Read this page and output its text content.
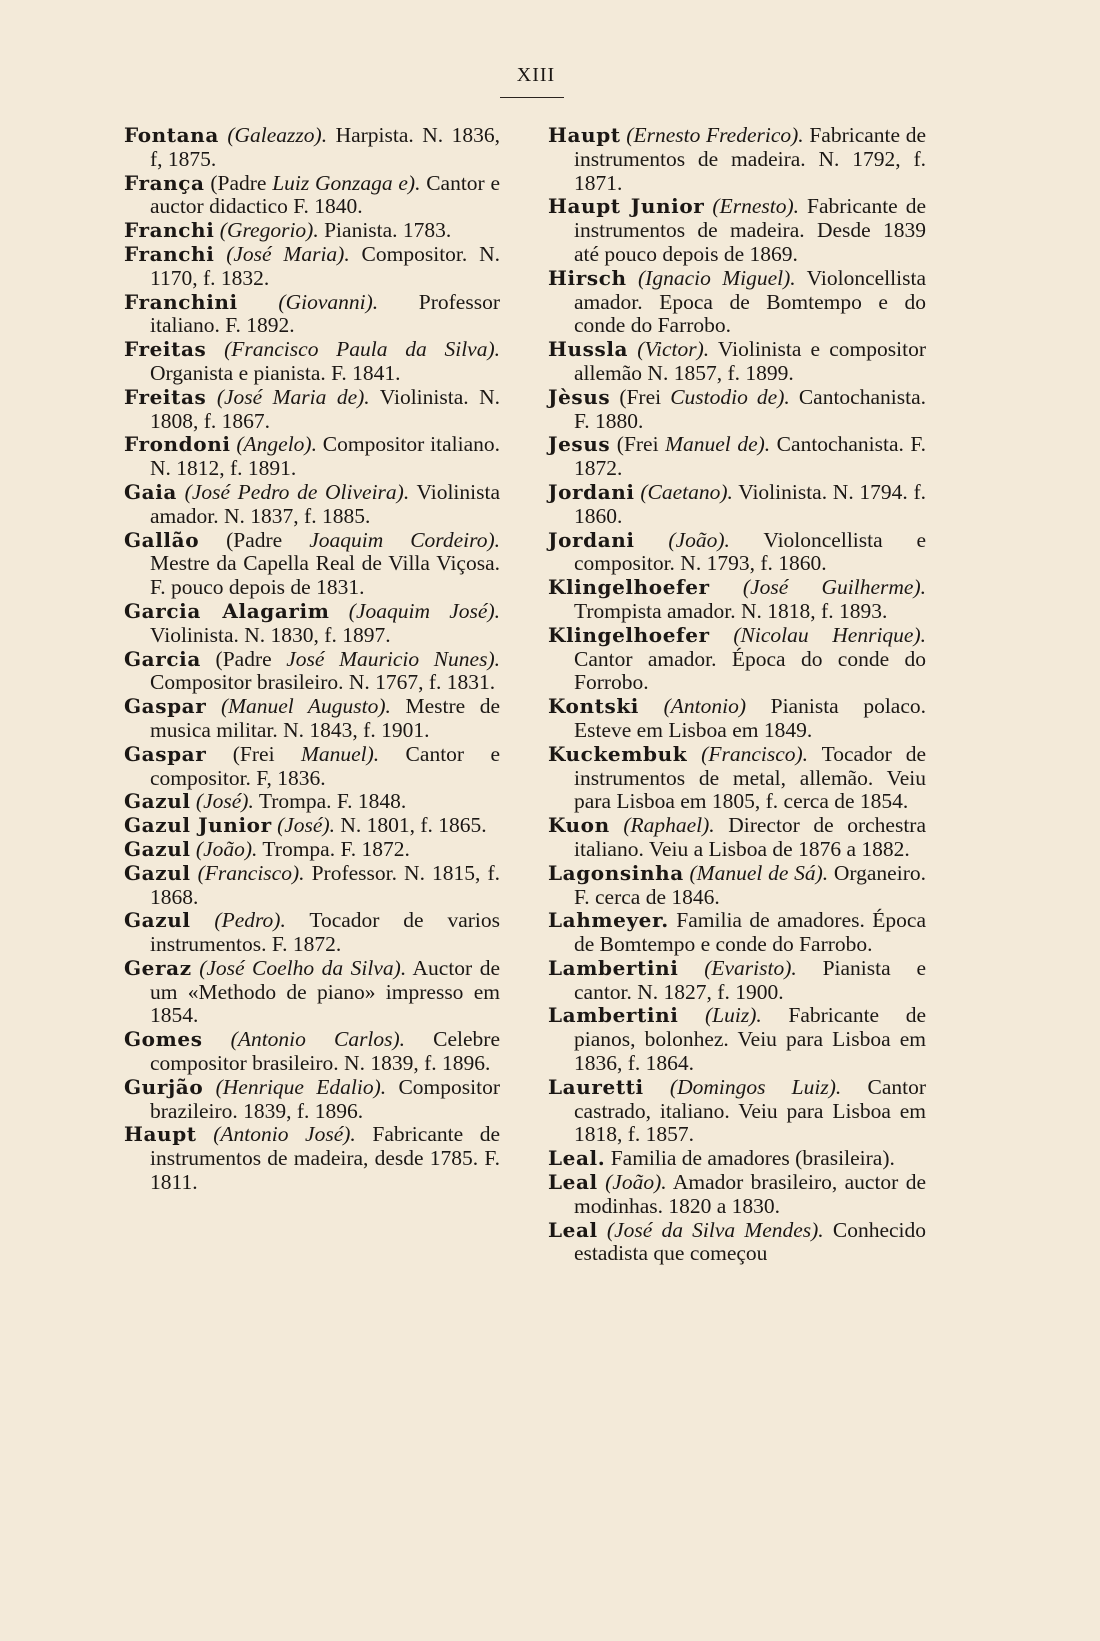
XIII

Fontana (Galeazzo). Harpista. N. 1836, f, 1875.

França (Padre Luiz Gonzaga e). Cantor e auctor didactico F. 1840.

Franchi (Gregorio). Pianista. 1783.

Franchi (José Maria). Compositor. N. 1170, f. 1832.

Franchini (Giovanni). Professor italiano. F. 1892.

Freitas (Francisco Paula da Silva). Organista e pianista. F. 1841.

Freitas (José Maria de). Violinista. N. 1808, f. 1867.

Frondoni (Angelo). Compositor italiano. N. 1812, f. 1891.

Gaia (José Pedro de Oliveira). Violinista amador. N. 1837, f. 1885.

Gallão (Padre Joaquim Cordeiro). Mestre da Capella Real de Villa Viçosa. F. pouco depois de 1831.

Garcia Alagarim (Joaquim José). Violinista. N. 1830, f. 1897.

Garcia (Padre José Mauricio Nunes). Compositor brasileiro. N. 1767, f. 1831.

Gaspar (Manuel Augusto). Mestre de musica militar. N. 1843, f. 1901.

Gaspar (Frei Manuel). Cantor e compositor. F, 1836.

Gazul (José). Trompa. F. 1848.

Gazul Junior (José). N. 1801, f. 1865.

Gazul (João). Trompa. F. 1872.

Gazul (Francisco). Professor. N. 1815, f. 1868.

Gazul (Pedro). Tocador de varios instrumentos. F. 1872.

Geraz (José Coelho da Silva). Auctor de um «Methodo de piano» impresso em 1854.

Gomes (Antonio Carlos). Celebre compositor brasileiro. N. 1839, f. 1896.

Gurjão (Henrique Edalio). Compositor brazileiro. 1839, f. 1896.

Haupt (Antonio José). Fabricante de instrumentos de madeira, desde 1785. F. 1811.

Haupt (Ernesto Frederico). Fabricante de instrumentos de madeira. N. 1792, f. 1871.

Haupt Junior (Ernesto). Fabricante de instrumentos de madeira. Desde 1839 até pouco depois de 1869.

Hirsch (Ignacio Miguel). Violoncellista amador. Epoca de Bomtempo e do conde do Farrobo.

Hussla (Victor). Violinista e compositor allemão N. 1857, f. 1899.

Jèsus (Frei Custodio de). Cantochanista. F. 1880.

Jesus (Frei Manuel de). Cantochanista. F. 1872.

Jordani (Caetano). Violinista. N. 1794. f. 1860.

Jordani (João). Violoncellista e compositor. N. 1793, f. 1860.

Klingelhoefer (José Guilherme). Trompista amador. N. 1818, f. 1893.

Klingelhoefer (Nicolau Henrique). Cantor amador. Época do conde do Forrobo.

Kontski (Antonio) Pianista polaco. Esteve em Lisboa em 1849.

Kuckembuk (Francisco). Tocador de instrumentos de metal, allemão. Veiu para Lisboa em 1805, f. cerca de 1854.

Kuon (Raphael). Director de orchestra italiano. Veiu a Lisboa de 1876 a 1882.

Lagonsinha (Manuel de Sá). Organeiro. F. cerca de 1846.

Lahmeyer. Familia de amadores. Época de Bomtempo e conde do Farrobo.

Lambertini (Evaristo). Pianista e cantor. N. 1827, f. 1900.

Lambertini (Luiz). Fabricante de pianos, bolonhez. Veiu para Lisboa em 1836, f. 1864.

Lauretti (Domingos Luiz). Cantor castrado, italiano. Veiu para Lisboa em 1818, f. 1857.

Leal. Familia de amadores (brasileira).

Leal (João). Amador brasileiro, auctor de modinhas. 1820 a 1830.

Leal (José da Silva Mendes). Conhecido estadista que começou
